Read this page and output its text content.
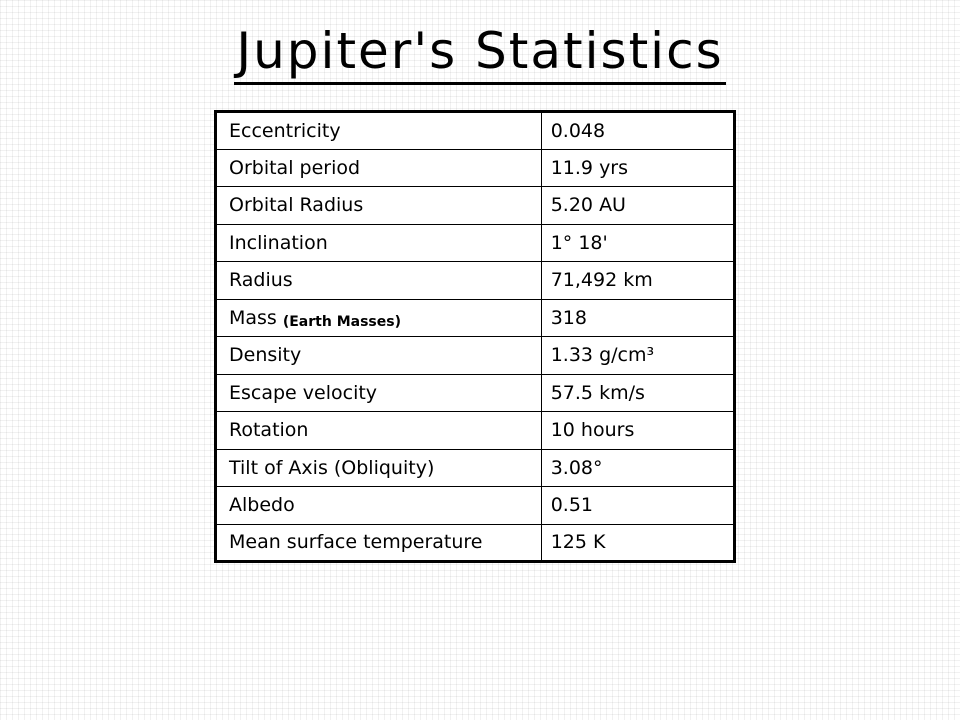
Jupiter's Statistics
Eccentricity	0.048
Orbital period	11.9 yrs
Orbital Radius	5.20 AU
Inclination	1° 18'
Radius	71,492 km
Mass (Earth Masses)	318
Density	1.33 g/cm³
Escape velocity	57.5 km/s
Rotation	10 hours
Tilt of Axis (Obliquity)	3.08°
Albedo	0.51
Mean surface temperature	125 K
